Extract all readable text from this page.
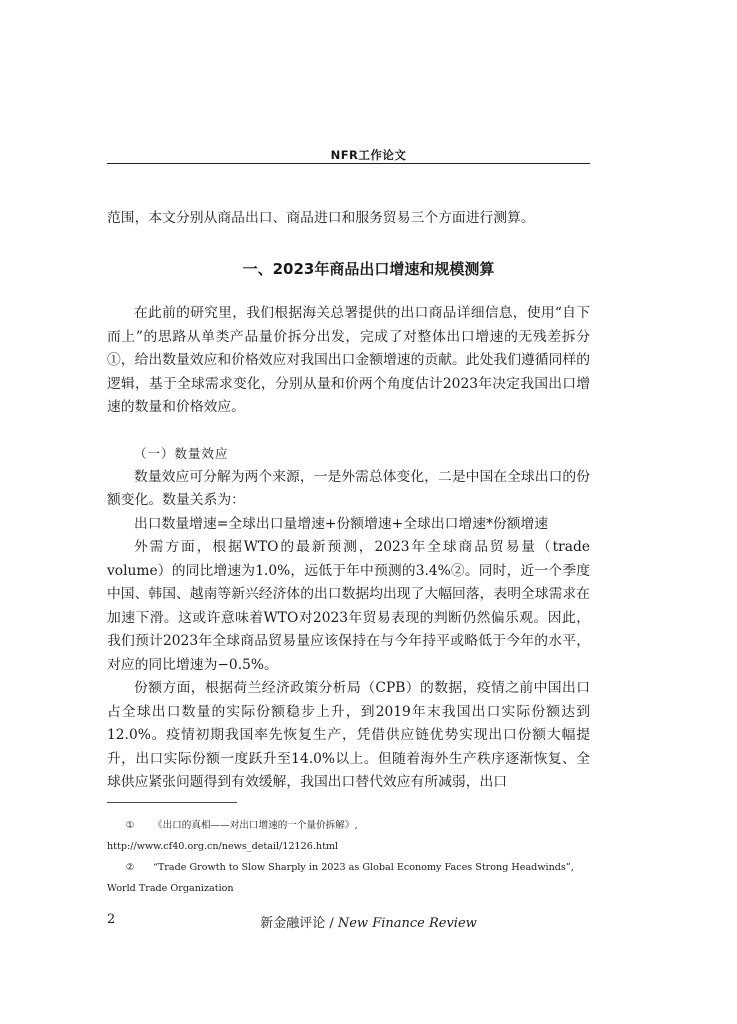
NFR工作论文

范围，本文分别从商品出口、商品进口和服务贸易三个方面进行测算。

一、2023年商品出口增速和规模测算

在此前的研究里，我们根据海关总署提供的出口商品详细信息，使用“自下而上”的思路从单类产品量价拆分出发，完成了对整体出口增速的无残差拆分①，给出数量效应和价格效应对我国出口金额增速的贡献。此处我们遵循同样的逻辑，基于全球需求变化，分别从量和价两个角度估计2023年决定我国出口增速的数量和价格效应。

（一）数量效应

数量效应可分解为两个来源，一是外需总体变化，二是中国在全球出口的份额变化。数量关系为：

出口数量增速=全球出口量增速+份额增速+全球出口增速*份额增速

外需方面，根据WTO的最新预测，2023年全球商品贸易量（trade volume）的同比增速为1.0%，远低于年中预测的3.4%②。同时，近一个季度中国、韩国、越南等新兴经济体的出口数据均出现了大幅回落，表明全球需求在加速下滑。这或许意味着WTO对2023年贸易表现的判断仍然偏乐观。因此，我们预计2023年全球商品贸易量应该保持在与今年持平或略低于今年的水平，对应的同比增速为−0.5%。

份额方面，根据荷兰经济政策分析局（CPB）的数据，疫情之前中国出口占全球出口数量的实际份额稳步上升，到2019年末我国出口实际份额达到12.0%。疫情初期我国率先恢复生产，凭借供应链优势实现出口份额大幅提升，出口实际份额一度跃升至14.0%以上。但随着海外生产秩序逐渐恢复、全球供应紧张问题得到有效缓解，我国出口替代效应有所减弱，出口

① 《出口的真相——对出口增速的一个量价拆解》, http://www.cf40.org.cn/news_detail/12126.html

② “Trade Growth to Slow Sharply in 2023 as Global Economy Faces Strong Headwinds”, World Trade Organization

2	新金融评论 / New Finance Review
